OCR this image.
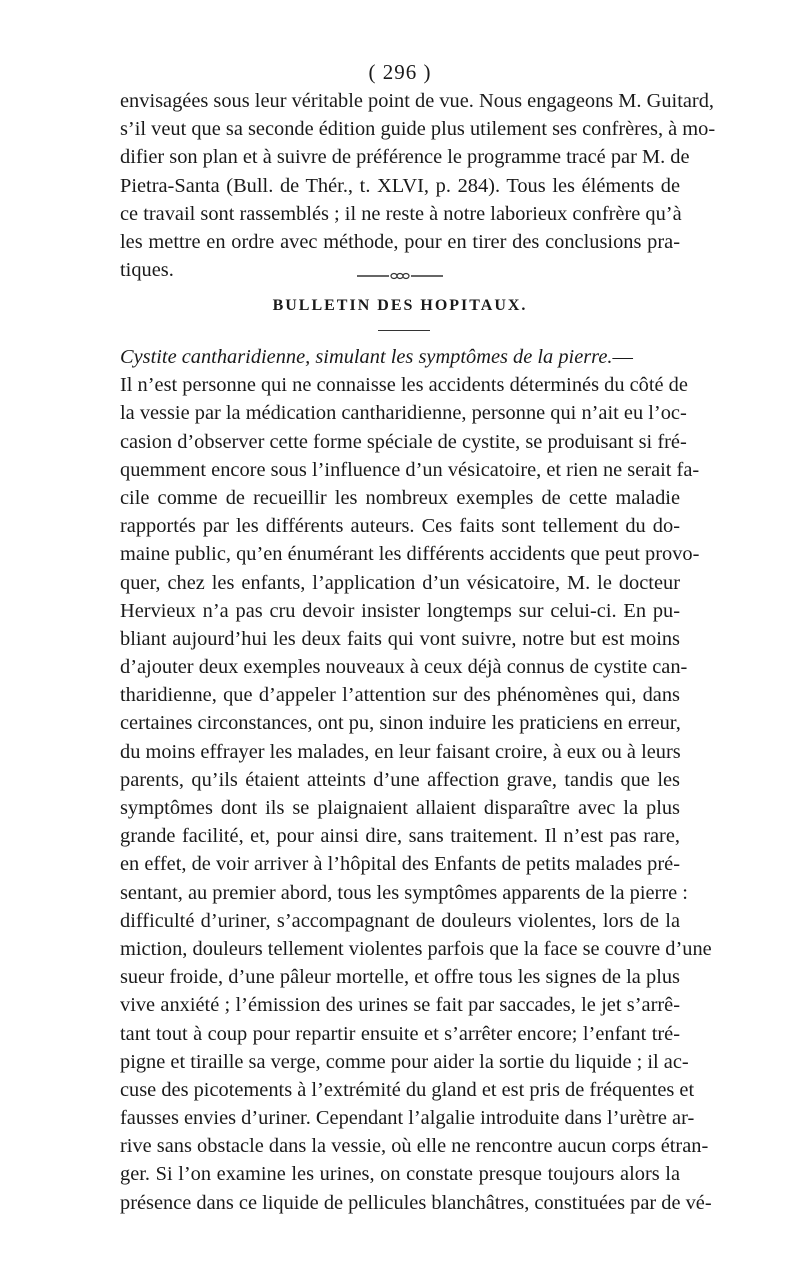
( 296 )
envisagées sous leur véritable point de vue. Nous engageons M. Guitard,
s’il veut que sa seconde édition guide plus utilement ses confrères, à mo-
difier son plan et à suivre de préférence le programme tracé par M. de
Pietra-Santa (Bull. de Thér., t. XLVI, p. 284). Tous les éléments de
ce travail sont rassemblés ; il ne reste à notre laborieux confrère qu’à
les mettre en ordre avec méthode, pour en tirer des conclusions pra-
tiques.
BULLETIN DES HOPITAUX.
Cystite cantharidienne, simulant les symptômes de la pierre.—
Il n’est personne qui ne connaisse les accidents déterminés du côté de
la vessie par la médication cantharidienne, personne qui n’ait eu l’oc-
casion d’observer cette forme spéciale de cystite, se produisant si fré-
quemment encore sous l’influence d’un vésicatoire, et rien ne serait fa-
cile comme de recueillir les nombreux exemples de cette maladie
rapportés par les différents auteurs. Ces faits sont tellement du do-
maine public, qu’en énumérant les différents accidents que peut provo-
quer, chez les enfants, l’application d’un vésicatoire, M. le docteur
Hervieux n’a pas cru devoir insister longtemps sur celui-ci. En pu-
bliant aujourd’hui les deux faits qui vont suivre, notre but est moins
d’ajouter deux exemples nouveaux à ceux déjà connus de cystite can-
tharidienne, que d’appeler l’attention sur des phénomènes qui, dans
certaines circonstances, ont pu, sinon induire les praticiens en erreur,
du moins effrayer les malades, en leur faisant croire, à eux ou à leurs
parents, qu’ils étaient atteints d’une affection grave, tandis que les
symptômes dont ils se plaignaient allaient disparaître avec la plus
grande facilité, et, pour ainsi dire, sans traitement. Il n’est pas rare,
en effet, de voir arriver à l’hôpital des Enfants de petits malades pré-
sentant, au premier abord, tous les symptômes apparents de la pierre :
difficulté d’uriner, s’accompagnant de douleurs violentes, lors de la
miction, douleurs tellement violentes parfois que la face se couvre d’une
sueur froide, d’une pâleur mortelle, et offre tous les signes de la plus
vive anxiété ; l’émission des urines se fait par saccades, le jet s’arrê-
tant tout à coup pour repartir ensuite et s’arrêter encore; l’enfant tré-
pigne et tiraille sa verge, comme pour aider la sortie du liquide ; il ac-
cuse des picotements à l’extrémité du gland et est pris de fréquentes et
fausses envies d’uriner. Cependant l’algalie introduite dans l’urètre ar-
rive sans obstacle dans la vessie, où elle ne rencontre aucun corps étran-
ger. Si l’on examine les urines, on constate presque toujours alors la
présence dans ce liquide de pellicules blanchâtres, constituées par de vé-
